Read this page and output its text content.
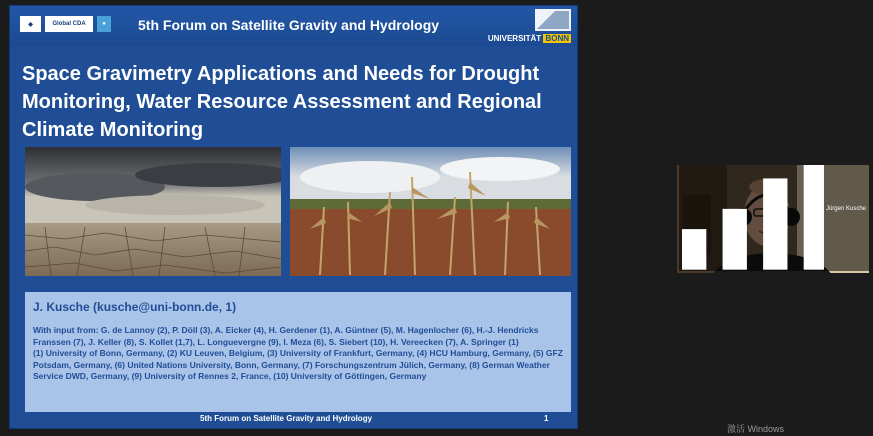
◆	Global
CDA	●	5th Forum on Satellite Gravity and Hydrology
UNIVERSITÄT BONN
Space Gravimetry Applications and Needs for Drought Monitoring, Water Resource Assessment and Regional Climate Monitoring

J. Kusche (kusche@uni-bonn.de, 1)

With input from: G. de Lannoy (2), P. Döll (3), A. Eicker (4), H. Gerdener (1), A. Güntner (5), M. Hagenlocher (6), H.-J. Hendricks Franssen (7), J. Keller (8), S. Kollet (1,7), L. Longuevergne (9), I. Meza (6), S. Siebert (10), H. Vereecken (7), A. Springer (1)

(1) University of Bonn, Germany, (2) KU Leuven, Belgium, (3) University of Frankfurt, Germany, (4) HCU Hamburg, Germany, (5) GFZ Potsdam, Germany, (6) United Nations University, Bonn, Germany, (7) Forschungszentrum Jülich, Germany, (8) German Weather Service DWD, Germany, (9) University of Rennes 2, France, (10) University of Göttingen, Germany

5th Forum on Satellite Gravity and Hydrology	1
Jürgen Kusche
激活 Windows
